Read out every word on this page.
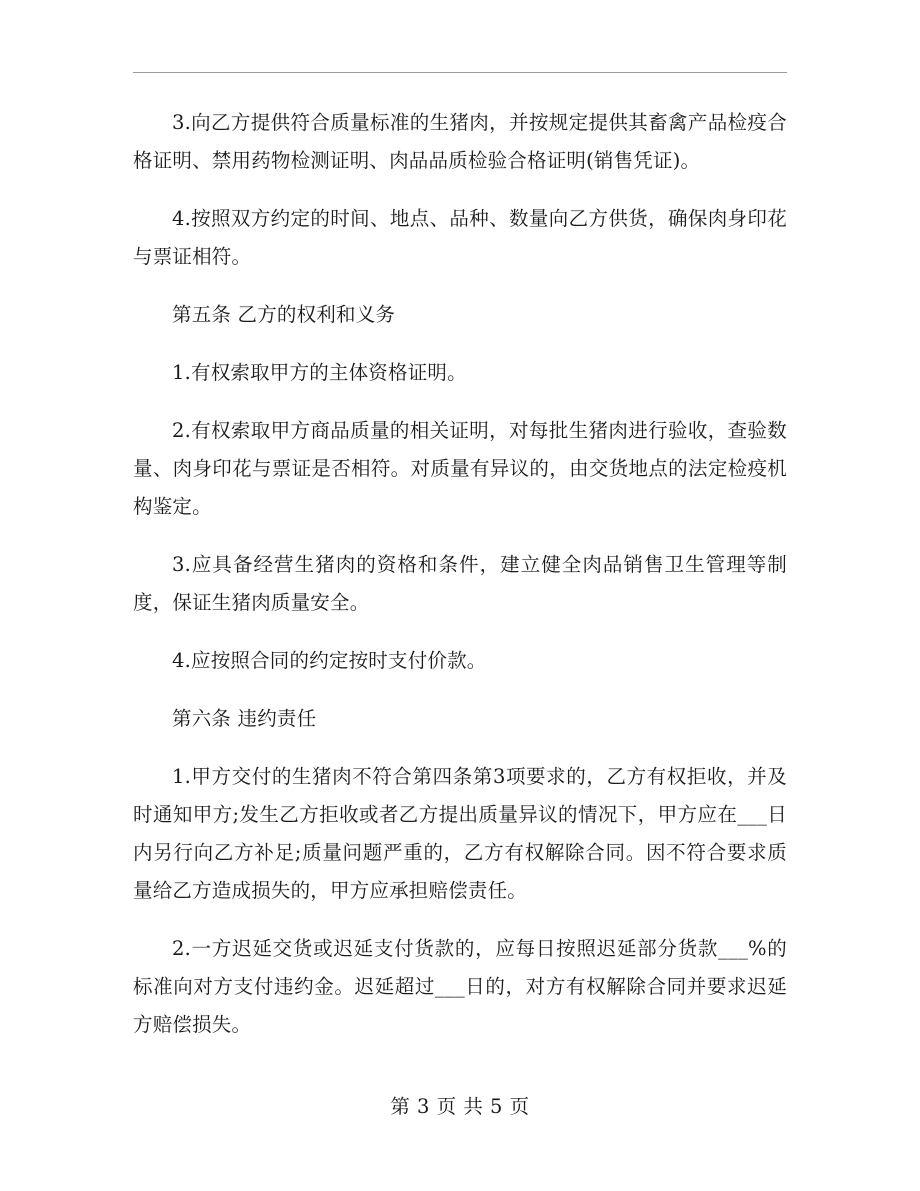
3.向乙方提供符合质量标准的生猪肉，并按规定提供其畜禽产品检疫合格证明、禁用药物检测证明、肉品品质检验合格证明(销售凭证)。

4.按照双方约定的时间、地点、品种、数量向乙方供货，确保肉身印花与票证相符。

第五条 乙方的权利和义务

1.有权索取甲方的主体资格证明。

2.有权索取甲方商品质量的相关证明，对每批生猪肉进行验收，查验数量、肉身印花与票证是否相符。对质量有异议的，由交货地点的法定检疫机构鉴定。

3.应具备经营生猪肉的资格和条件，建立健全肉品销售卫生管理等制度，保证生猪肉质量安全。

4.应按照合同的约定按时支付价款。

第六条 违约责任

1.甲方交付的生猪肉不符合第四条第3项要求的，乙方有权拒收，并及时通知甲方;发生乙方拒收或者乙方提出质量异议的情况下，甲方应在___日内另行向乙方补足;质量问题严重的，乙方有权解除合同。因不符合要求质量给乙方造成损失的，甲方应承担赔偿责任。

2.一方迟延交货或迟延支付货款的，应每日按照迟延部分货款___%的标准向对方支付违约金。迟延超过___日的，对方有权解除合同并要求迟延方赔偿损失。

第 3 页 共 5 页
